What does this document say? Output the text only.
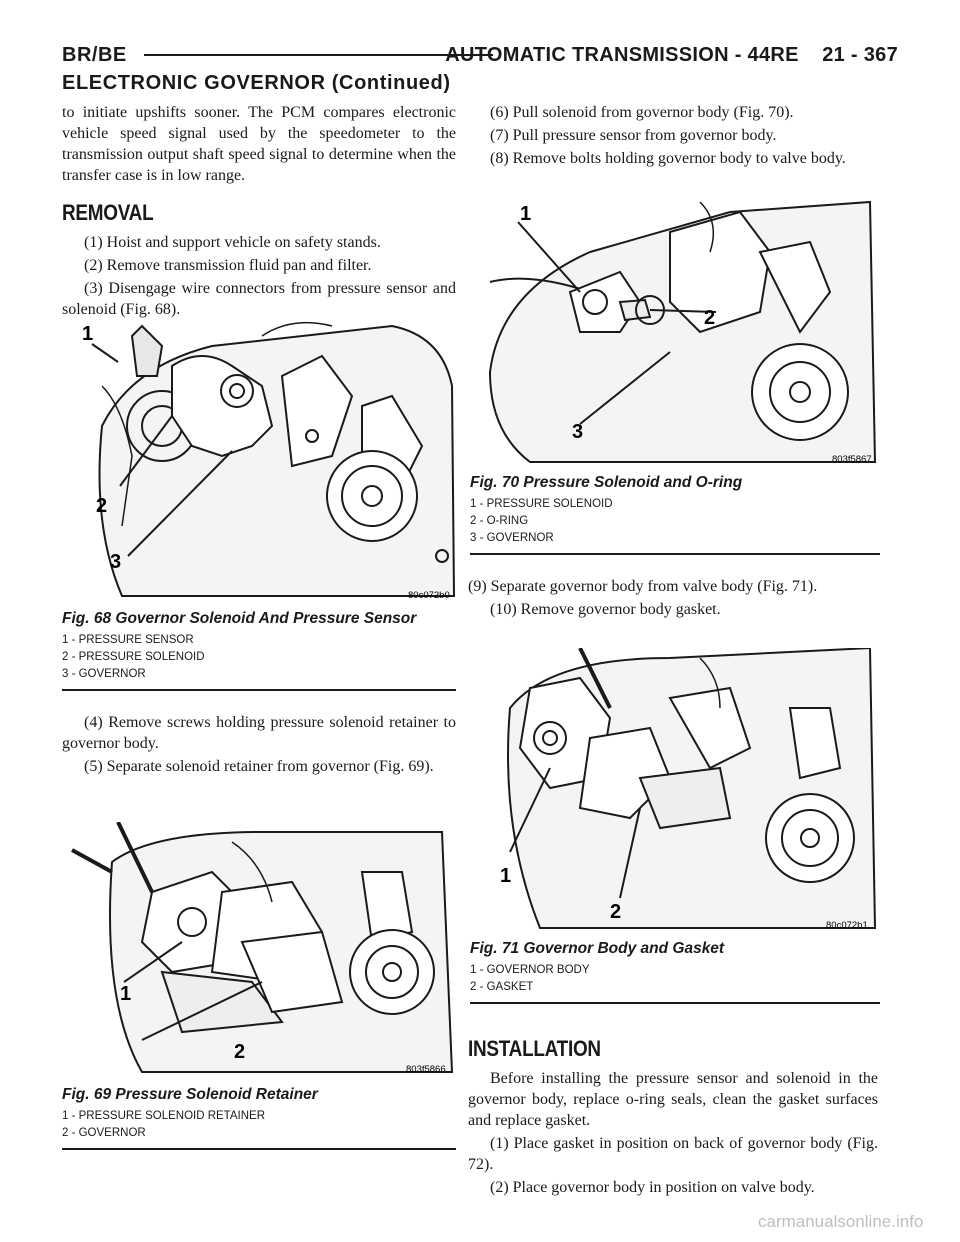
BR/BE	AUTOMATIC TRANSMISSION - 44RE    21 - 367
ELECTRONIC GOVERNOR (Continued)

to initiate upshifts sooner. The PCM compares electronic vehicle speed signal used by the speedometer to the transmission output shaft speed signal to determine when the transfer case is in low range.

REMOVAL

(1) Hoist and support vehicle on safety stands.

(2) Remove transmission fluid pan and filter.

(3) Disengage wire connectors from pressure sensor and solenoid (Fig. 68).

1
2
3
80c072b0
Fig. 68 Governor Solenoid And Pressure Sensor
1 - PRESSURE SENSOR
2 - PRESSURE SOLENOID
3 - GOVERNOR

(4) Remove screws holding pressure solenoid retainer to governor body.

(5) Separate solenoid retainer from governor (Fig. 69).

1
2
803f5866
Fig. 69 Pressure Solenoid Retainer
1 - PRESSURE SOLENOID RETAINER
2 - GOVERNOR

(6) Pull solenoid from governor body (Fig. 70).

(7) Pull pressure sensor from governor body.

(8) Remove bolts holding governor body to valve body.

1
2
3
803f5867
Fig. 70 Pressure Solenoid and O-ring
1 - PRESSURE SOLENOID
2 - O-RING
3 - GOVERNOR

(9) Separate governor body from valve body (Fig. 71).

(10) Remove governor body gasket.

1
2
80c072b1
Fig. 71 Governor Body and Gasket
1 - GOVERNOR BODY
2 - GASKET
INSTALLATION

Before installing the pressure sensor and solenoid in the governor body, replace o-ring seals, clean the gasket surfaces and replace gasket.

(1) Place gasket in position on back of governor body (Fig. 72).

(2) Place governor body in position on valve body.

carmanualsonline.info
